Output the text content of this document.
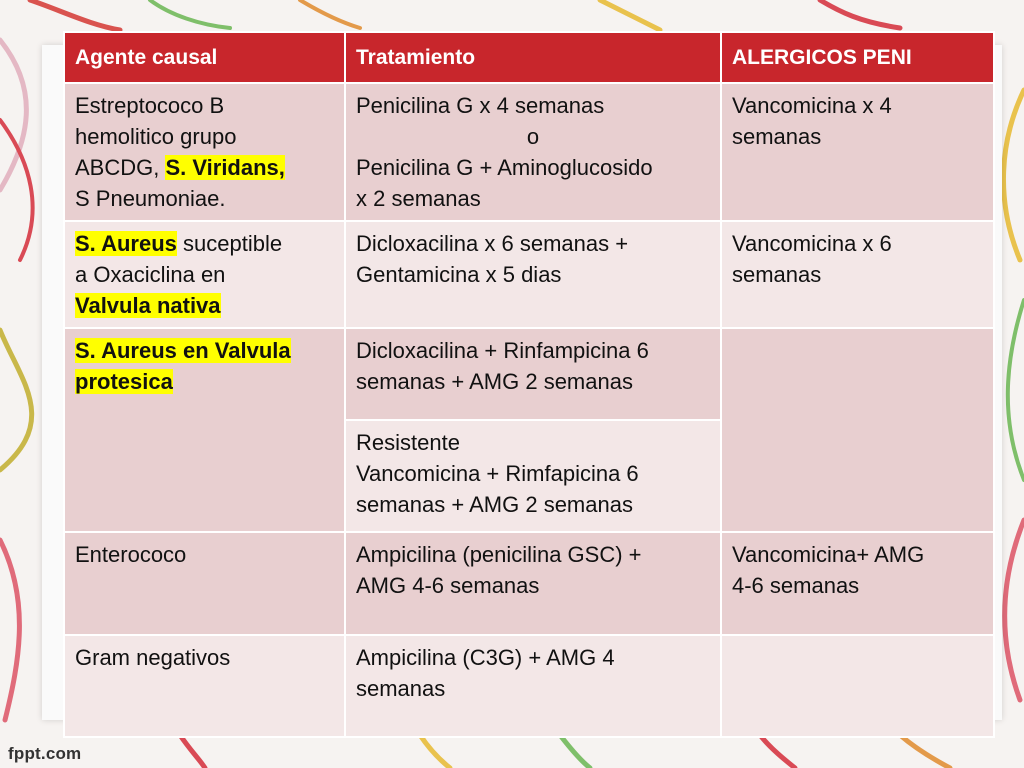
Agente causal	Tratamiento	ALERGICOS PENI
Estreptococo B
hemolitico grupo
ABCDG, S. Viridans,
S Pneumoniae.	Penicilina G x 4 semanas
o
Penicilina G + Aminoglucosido
x 2 semanas	Vancomicina x 4 semanas
S. Aureus suceptible
a Oxaciclina en
Valvula nativa	Dicloxacilina x 6 semanas +
Gentamicina x 5 dias	Vancomicina x 6 semanas
S. Aureus en Valvula
protesica	Dicloxacilina + Rinfampicina 6
semanas + AMG 2 semanas	
	Resistente
Vancomicina + Rimfapicina 6
semanas + AMG 2 semanas	
Enterococo	Ampicilina (penicilina GSC) +
AMG 4-6 semanas	Vancomicina+ AMG
4-6 semanas
Gram negativos	Ampicilina (C3G) + AMG 4
semanas	
fppt.com
